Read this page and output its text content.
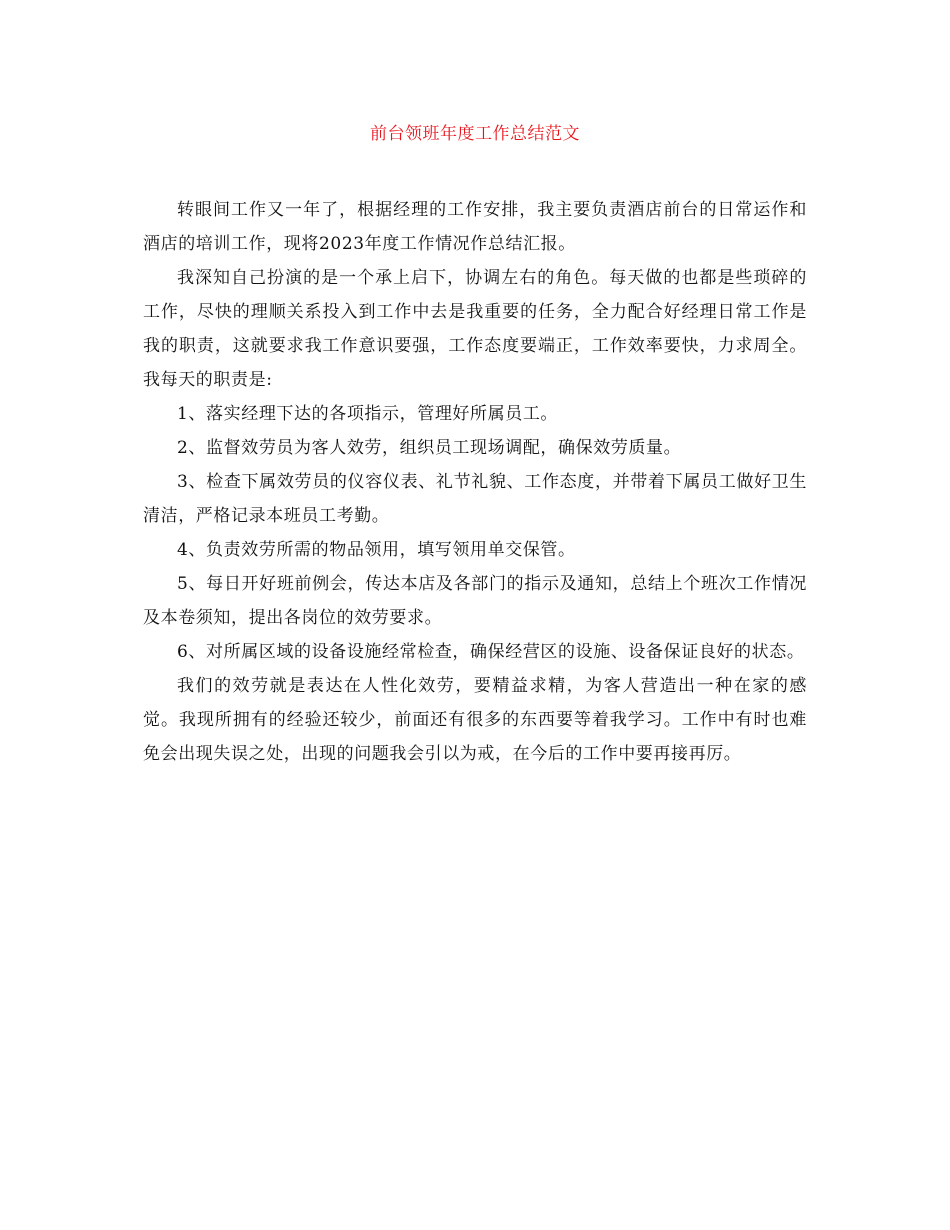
前台领班年度工作总结范文

转眼间工作又一年了，根据经理的工作安排，我主要负责酒店前台的日常运作和酒店的培训工作，现将2023年度工作情况作总结汇报。

我深知自己扮演的是一个承上启下，协调左右的角色。每天做的也都是些琐碎的工作，尽快的理顺关系投入到工作中去是我重要的任务，全力配合好经理日常工作是我的职责，这就要求我工作意识要强，工作态度要端正，工作效率要快，力求周全。我每天的职责是:

1、落实经理下达的各项指示，管理好所属员工。

2、监督效劳员为客人效劳，组织员工现场调配，确保效劳质量。

3、检查下属效劳员的仪容仪表、礼节礼貌、工作态度，并带着下属员工做好卫生清洁，严格记录本班员工考勤。

4、负责效劳所需的物品领用，填写领用单交保管。

5、每日开好班前例会，传达本店及各部门的指示及通知，总结上个班次工作情况及本卷须知，提出各岗位的效劳要求。

6、对所属区域的设备设施经常检查，确保经营区的设施、设备保证良好的状态。

我们的效劳就是表达在人性化效劳，要精益求精，为客人营造出一种在家的感觉。我现所拥有的经验还较少，前面还有很多的东西要等着我学习。工作中有时也难免会出现失误之处，出现的问题我会引以为戒，在今后的工作中要再接再厉。
